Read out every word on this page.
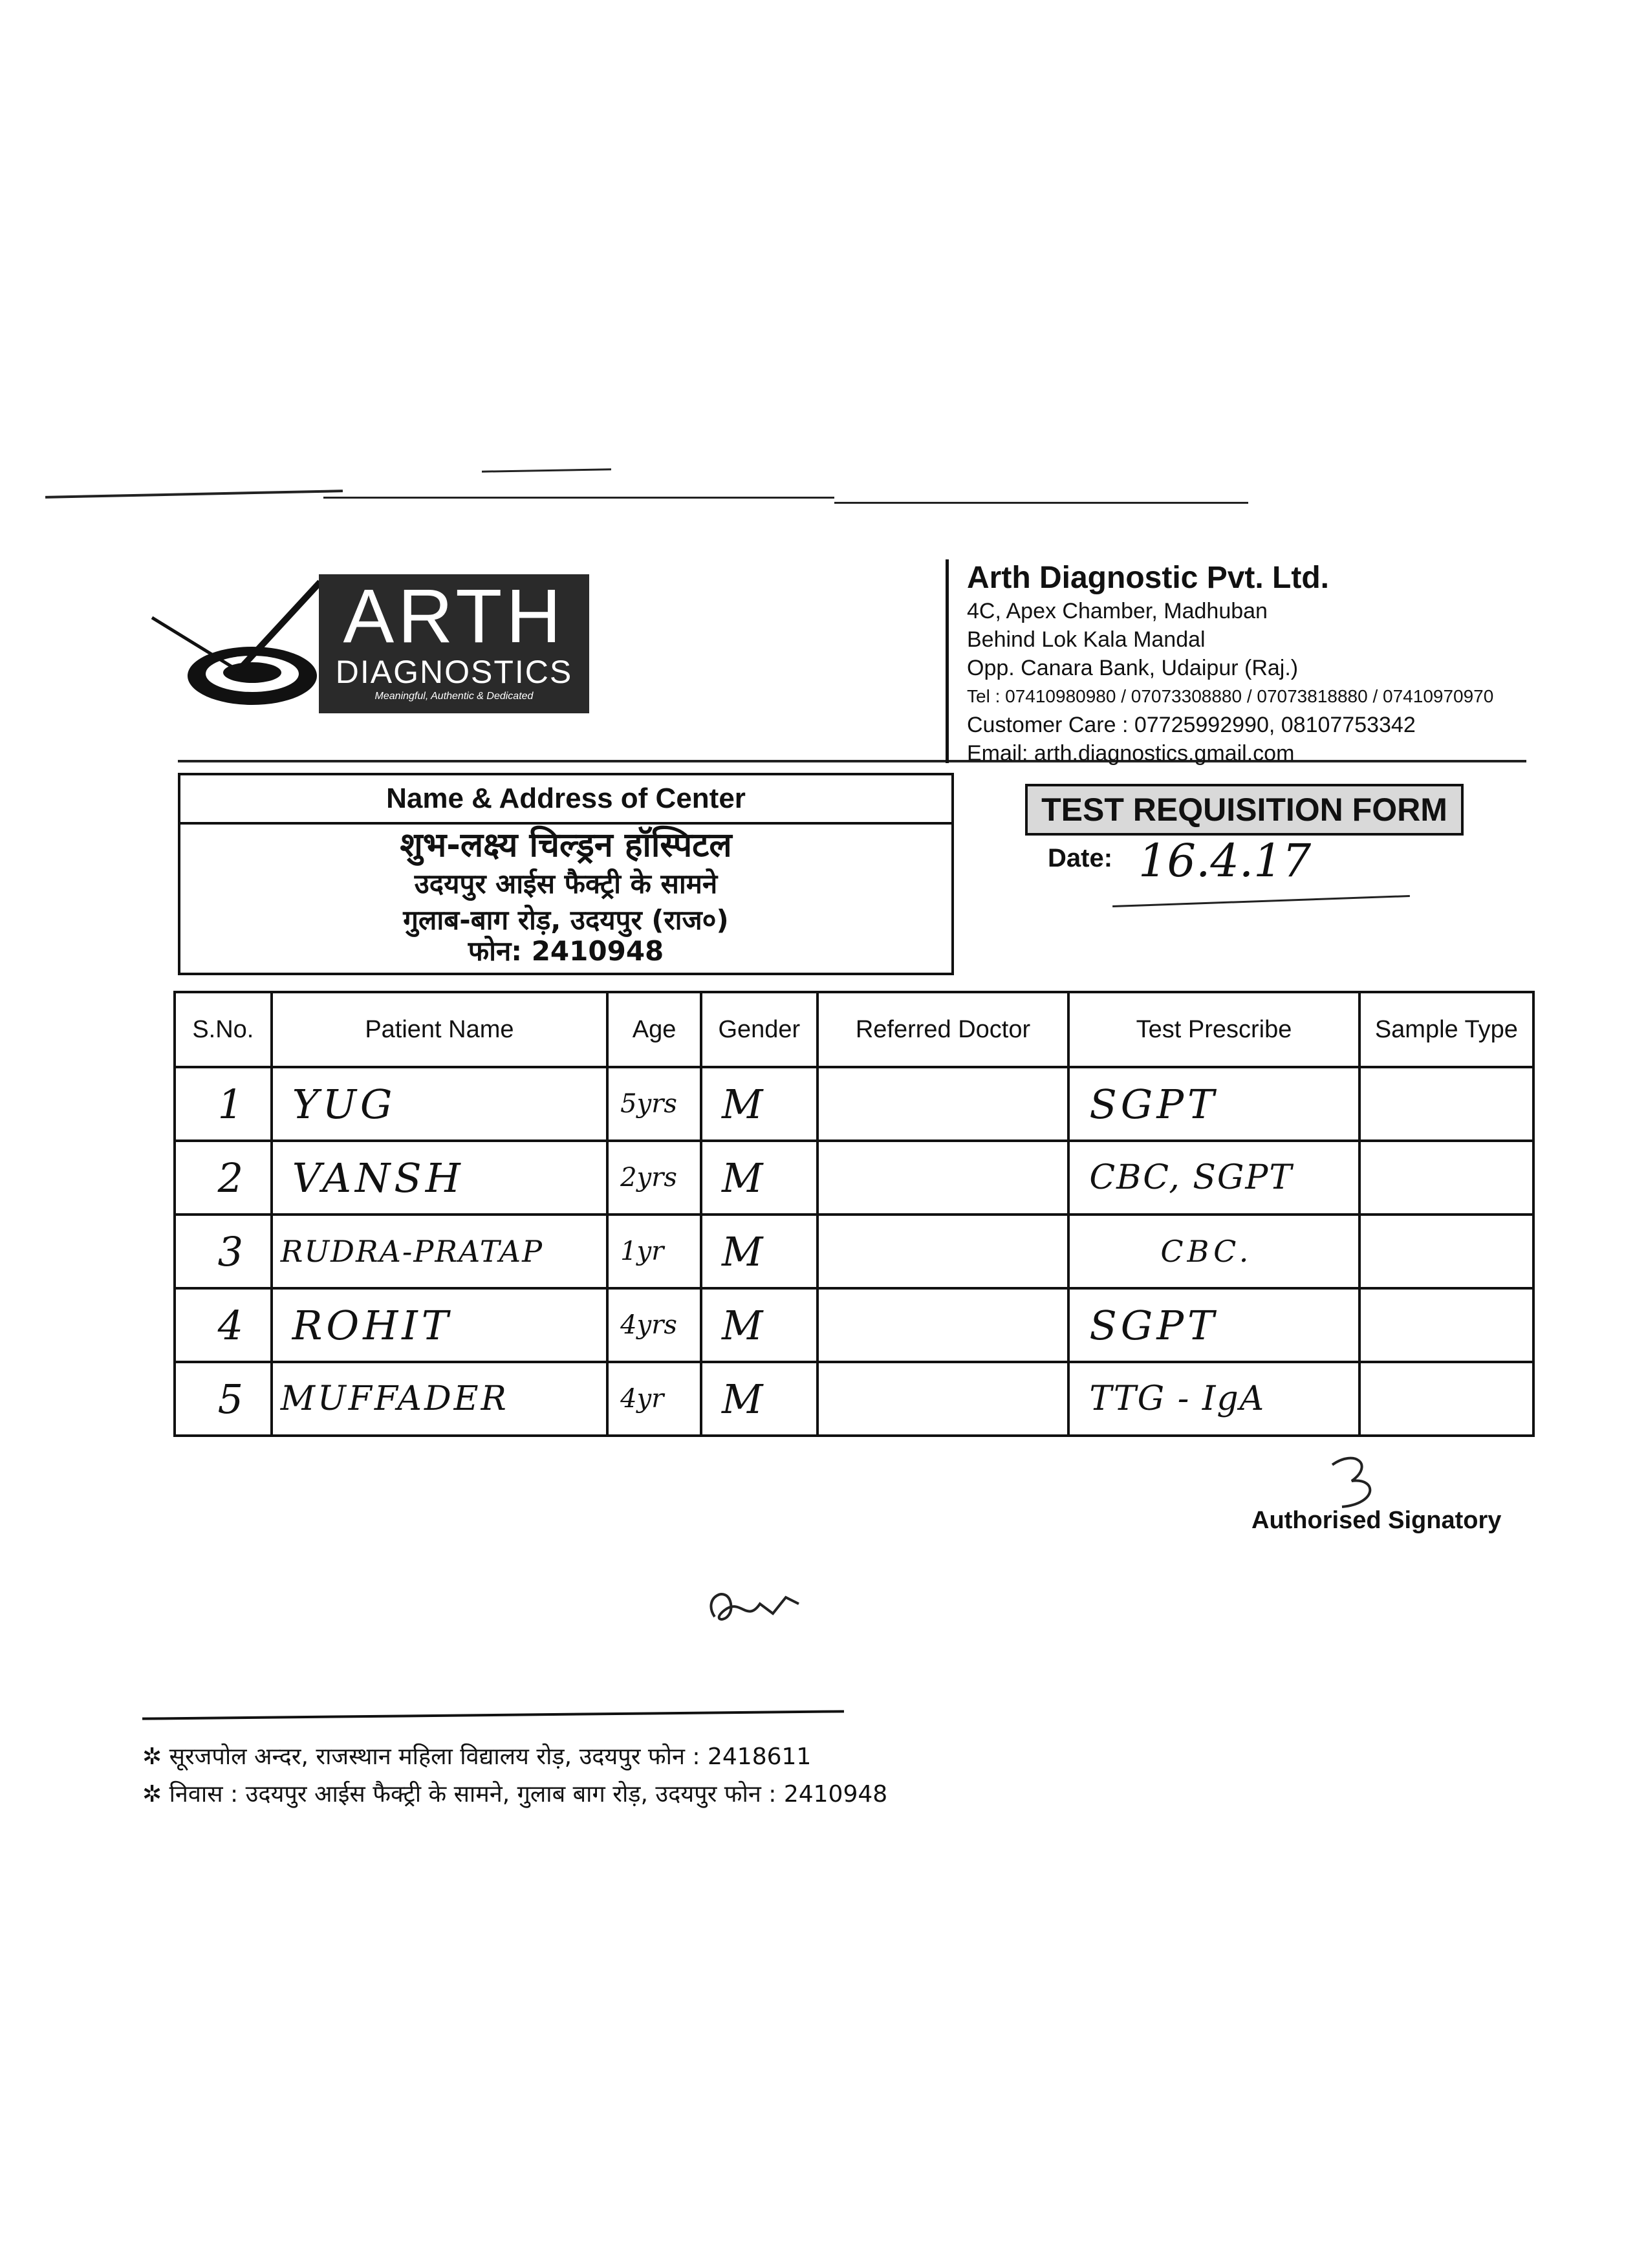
ARTH
DIAGNOSTICS
Meaningful, Authentic & Dedicated
Arth Diagnostic Pvt. Ltd.
4C, Apex Chamber, Madhuban
Behind Lok Kala Mandal
Opp. Canara Bank, Udaipur (Raj.)
Tel : 07410980980 / 07073308880 / 07073818880 / 07410970970
Customer Care : 07725992990, 08107753342
Email: arth.diagnostics.gmail.com
Name & Address of Center
शुभ-लक्ष्य चिल्ड्रन हॉस्पिटल
उदयपुर आईस फैक्ट्री के सामने
गुलाब-बाग रोड़, उदयपुर (राज०)
फोन: 2410948
TEST REQUISITION FORM
Date: 16.4.17
S.No.	Patient Name	Age	Gender	Referred Doctor	Test Prescribe	Sample Type
1	YUG	5yrs	M		SGPT	
2	VANSH	2yrs	M		CBC, SGPT	
3	RUDRA-PRATAP	1yr	M		CBC.	
4	ROHIT	4yrs	M		SGPT	
5	MUFFADER	4yr	M		TTG - IgA	
Authorised Signatory
✲ सूरजपोल अन्दर, राजस्थान महिला विद्यालय रोड़, उदयपुर फोन : 2418611
✲ निवास : उदयपुर आईस फैक्ट्री के सामने, गुलाब बाग रोड़, उदयपुर फोन : 2410948
